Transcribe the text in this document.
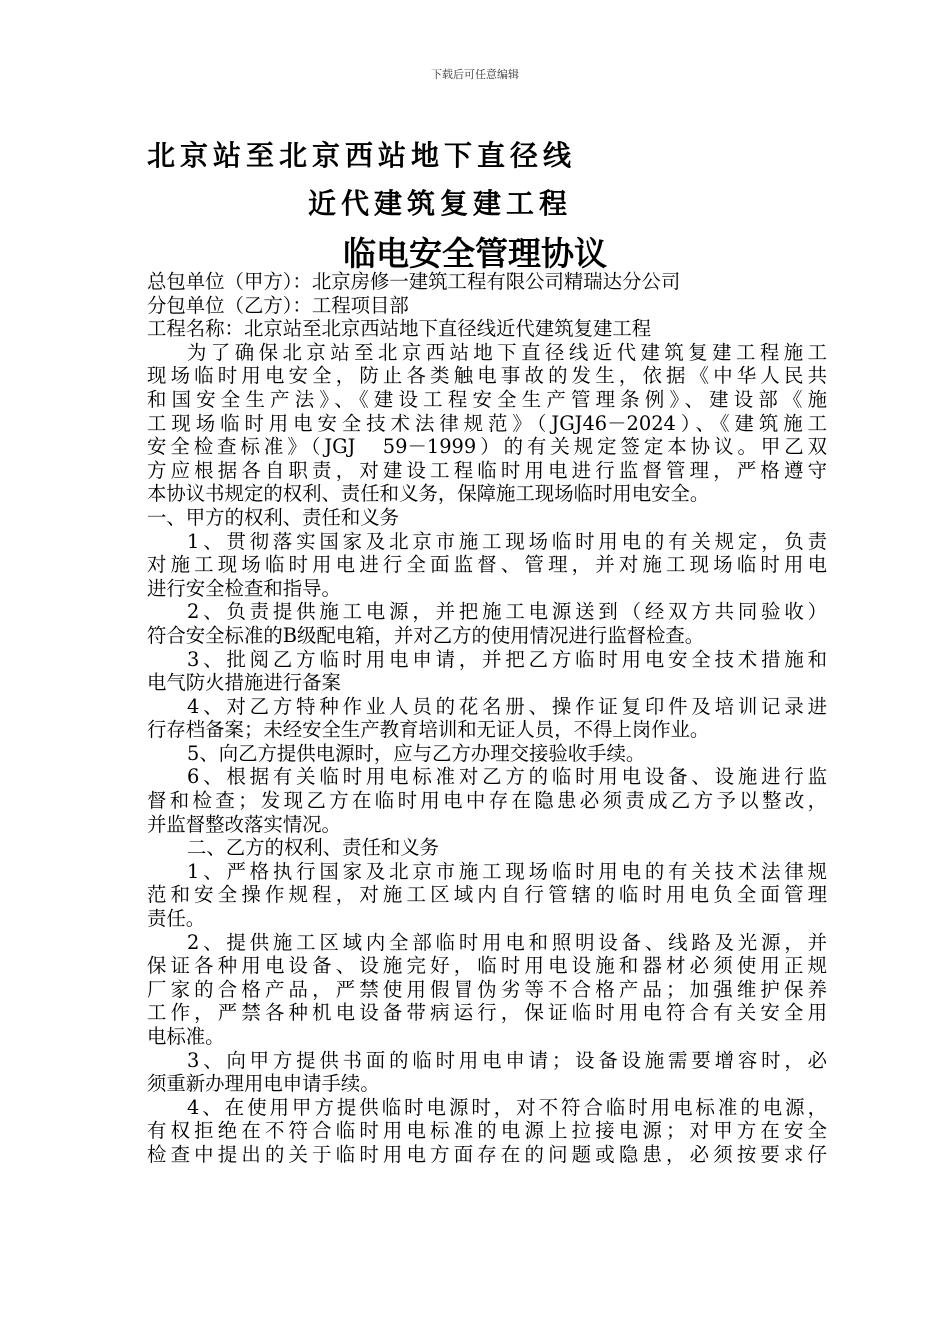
下载后可任意编辑
北京站至北京西站地下直径线
近代建筑复建工程
临电安全管理协议
总包单位（甲方）：北京房修一建筑工程有限公司精瑞达分公司
分包单位（乙方）：工程项目部
工程名称：北京站至北京西站地下直径线近代建筑复建工程
为了确保北京站至北京西站地下直径线近代建筑复建工程施工
现场临时用电安全，防止各类触电事故的发生，依据《中华人民共
和国安全生产法》、《建设工程安全生产管理条例》、建设部《施
工现场临时用电安全技术法律规范》（JGJ46－2024）、《建筑施工
安全检查标准》（JGJ　59－1999）的有关规定签定本协议。甲乙双
方应根据各自职责，对建设工程临时用电进行监督管理，严格遵守
本协议书规定的权利、责任和义务，保障施工现场临时用电安全。
一、甲方的权利、责任和义务
1、贯彻落实国家及北京市施工现场临时用电的有关规定，负责
对施工现场临时用电进行全面监督、管理，并对施工现场临时用电
进行安全检查和指导。
2、负责提供施工电源，并把施工电源送到（经双方共同验收）
符合安全标准的B级配电箱，并对乙方的使用情况进行监督检查。
3、批阅乙方临时用电申请，并把乙方临时用电安全技术措施和
电气防火措施进行备案
4、对乙方特种作业人员的花名册、操作证复印件及培训记录进
行存档备案；未经安全生产教育培训和无证人员，不得上岗作业。
5、向乙方提供电源时，应与乙方办理交接验收手续。
6、根据有关临时用电标准对乙方的临时用电设备、设施进行监
督和检查；发现乙方在临时用电中存在隐患必须责成乙方予以整改，
并监督整改落实情况。
二、乙方的权利、责任和义务
1、严格执行国家及北京市施工现场临时用电的有关技术法律规
范和安全操作规程，对施工区域内自行管辖的临时用电负全面管理
责任。
2、提供施工区域内全部临时用电和照明设备、线路及光源，并
保证各种用电设备、设施完好，临时用电设施和器材必须使用正规
厂家的合格产品，严禁使用假冒伪劣等不合格产品；加强维护保养
工作，严禁各种机电设备带病运行，保证临时用电符合有关安全用
电标准。
3、向甲方提供书面的临时用电申请；设备设施需要增容时，必
须重新办理用电申请手续。
4、在使用甲方提供临时电源时，对不符合临时用电标准的电源，
有权拒绝在不符合临时用电标准的电源上拉接电源；对甲方在安全
检查中提出的关于临时用电方面存在的问题或隐患，必须按要求仔
